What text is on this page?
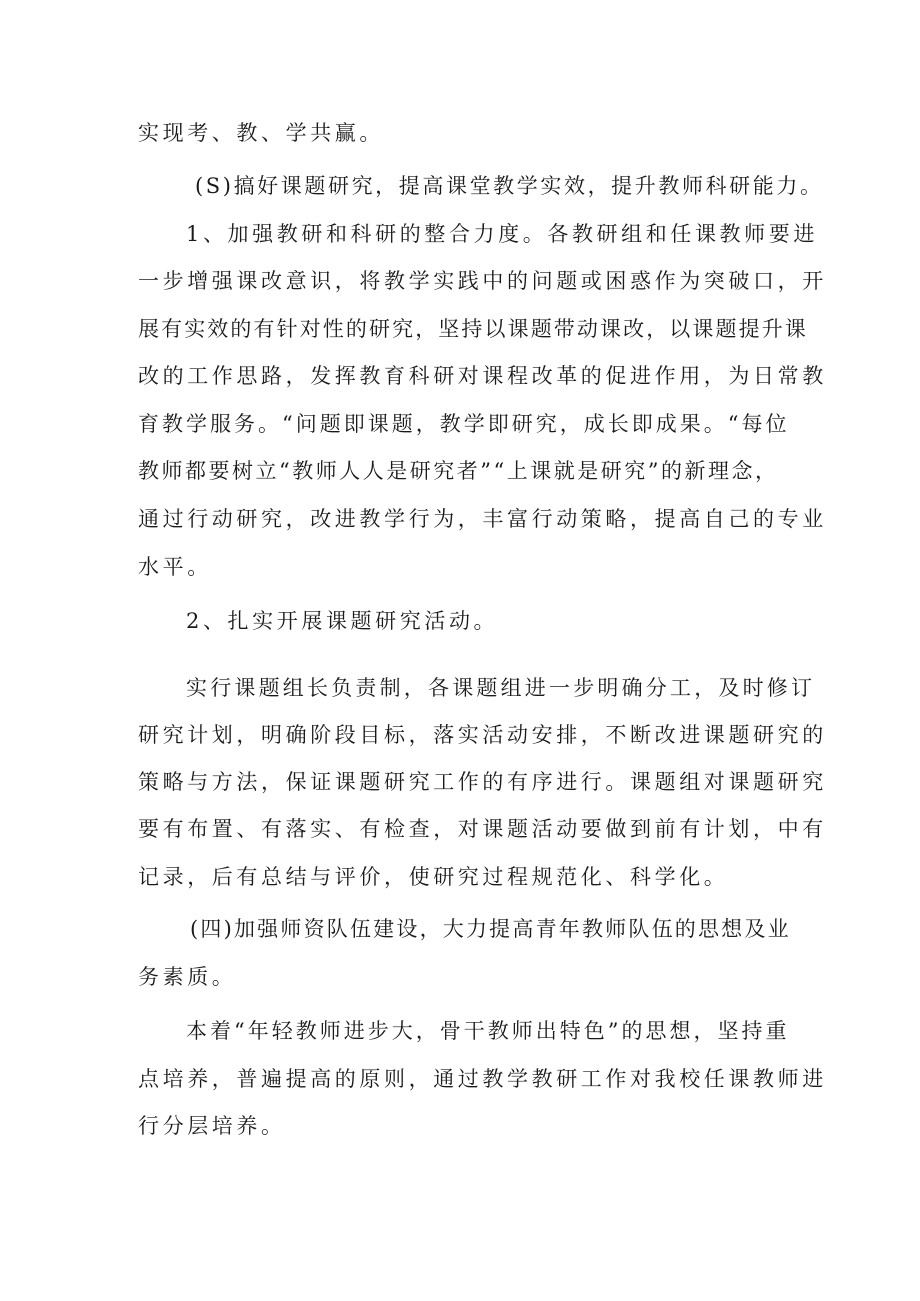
实现考、教、学共赢。
(S)搞好课题研究，提高课堂教学实效，提升教师科研能力。
1、加强教研和科研的整合力度。各教研组和任课教师要进
一步增强课改意识，将教学实践中的问题或困惑作为突破口，开
展有实效的有针对性的研究，坚持以课题带动课改，以课题提升课
改的工作思路，发挥教育科研对课程改革的促进作用，为日常教
育教学服务。“问题即课题，教学即研究，成长即成果。“每位
教师都要树立“教师人人是研究者”“上课就是研究”的新理念，
通过行动研究，改进教学行为，丰富行动策略，提高自己的专业
水平。
2、扎实开展课题研究活动。
实行课题组长负责制，各课题组进一步明确分工，及时修订
研究计划，明确阶段目标，落实活动安排，不断改进课题研究的
策略与方法，保证课题研究工作的有序进行。课题组对课题研究
要有布置、有落实、有检查，对课题活动要做到前有计划，中有
记录，后有总结与评价，使研究过程规范化、科学化。
(四)加强师资队伍建设，大力提高青年教师队伍的思想及业
务素质。
本着“年轻教师进步大，骨干教师出特色”的思想，坚持重
点培养，普遍提高的原则，通过教学教研工作对我校任课教师进
行分层培养。
